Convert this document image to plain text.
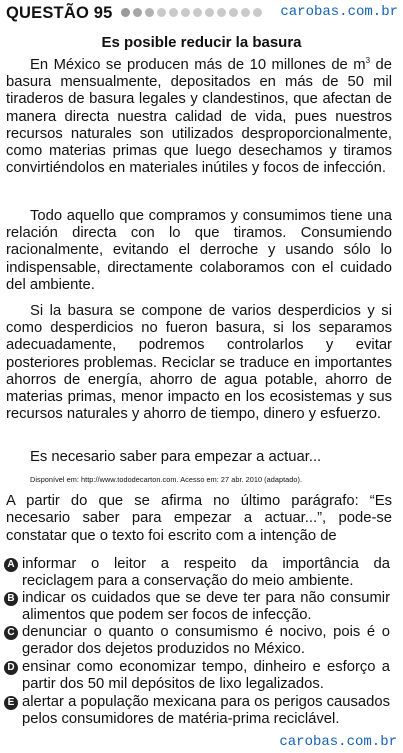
QUESTÃO 95	carobas.com.br
Es posible reducir la basura

En México se producen más de 10 millones de $m^3$ de basura mensualmente, depositados en más de 50 mil tiraderos de basura legales y clandestinos, que afectan de manera directa nuestra calidad de vida, pues nuestros recursos naturales son utilizados desproporcionalmente, como materias primas que luego desechamos y tiramos convirtiéndolos en materiales inútiles y focos de infección.

Todo aquello que compramos y consumimos tiene una relación directa con lo que tiramos. Consumiendo racionalmente, evitando el derroche y usando sólo lo indispensable, directamente colaboramos con el cuidado del ambiente.

Si la basura se compone de varios desperdicios y si como desperdicios no fueron basura, si los separamos adecuadamente, podremos controlarlos y evitar posteriores problemas. Reciclar se traduce en importantes ahorros de energía, ahorro de agua potable, ahorro de materias primas, menor impacto en los ecosistemas y sus recursos naturales y ahorro de tiempo, dinero y esfuerzo.

Es necesario saber para empezar a actuar...

Disponível em: http://www.tododecarton.com. Acesso em: 27 abr. 2010 (adaptado).

A partir do que se afirma no último parágrafo: “Es necesario saber para empezar a actuar...”, pode-se constatar que o texto foi escrito com a intenção de

A informar o leitor a respeito da importância da reciclagem para a conservação do meio ambiente.
B indicar os cuidados que se deve ter para não consumir alimentos que podem ser focos de infecção.
C denunciar o quanto o consumismo é nocivo, pois é o gerador dos dejetos produzidos no México.
D ensinar como economizar tempo, dinheiro e esforço a partir dos 50 mil depósitos de lixo legalizados.
E alertar a população mexicana para os perigos causados pelos consumidores de matéria-prima reciclável.
carobas.com.br
